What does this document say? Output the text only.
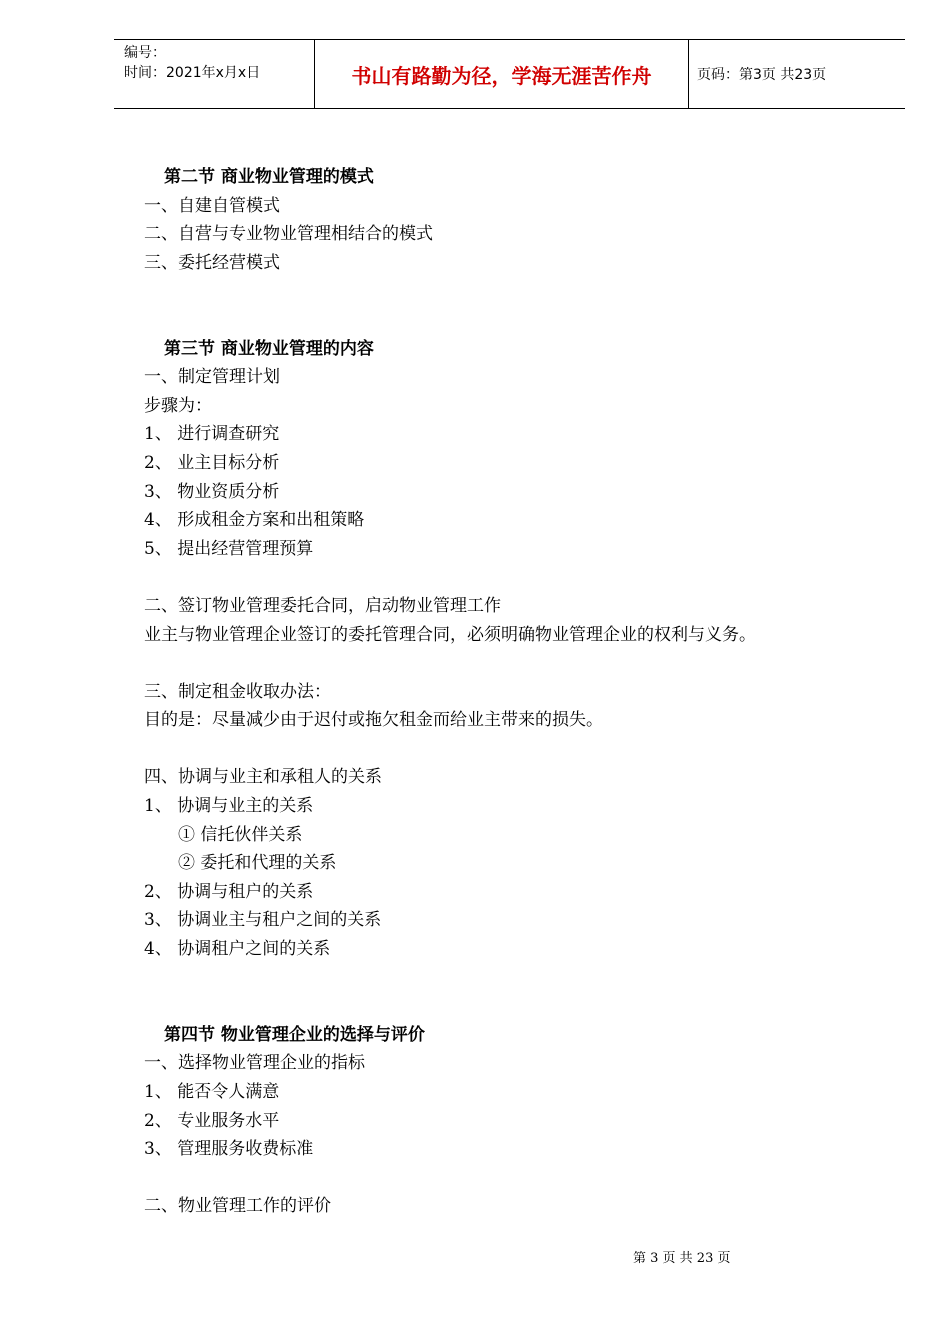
编号：
时间：2021年x月x日	书山有路勤为径，学海无涯苦作舟	页码：第3页 共23页
第二节 商业物业管理的模式
一、自建自管模式
二、自营与专业物业管理相结合的模式
三、委托经营模式
第三节 商业物业管理的内容
一、制定管理计划
步骤为：
1、 进行调查研究
2、 业主目标分析
3、 物业资质分析
4、 形成租金方案和出租策略
5、 提出经营管理预算
二、签订物业管理委托合同，启动物业管理工作
业主与物业管理企业签订的委托管理合同，必须明确物业管理企业的权利与义务。
三、制定租金收取办法：
目的是：尽量减少由于迟付或拖欠租金而给业主带来的损失。
四、协调与业主和承租人的关系
1、 协调与业主的关系
① 信托伙伴关系
② 委托和代理的关系
2、 协调与租户的关系
3、 协调业主与租户之间的关系
4、 协调租户之间的关系
第四节 物业管理企业的选择与评价
一、选择物业管理企业的指标
1、 能否令人满意
2、 专业服务水平
3、 管理服务收费标准
二、物业管理工作的评价
第 3 页 共 23 页
